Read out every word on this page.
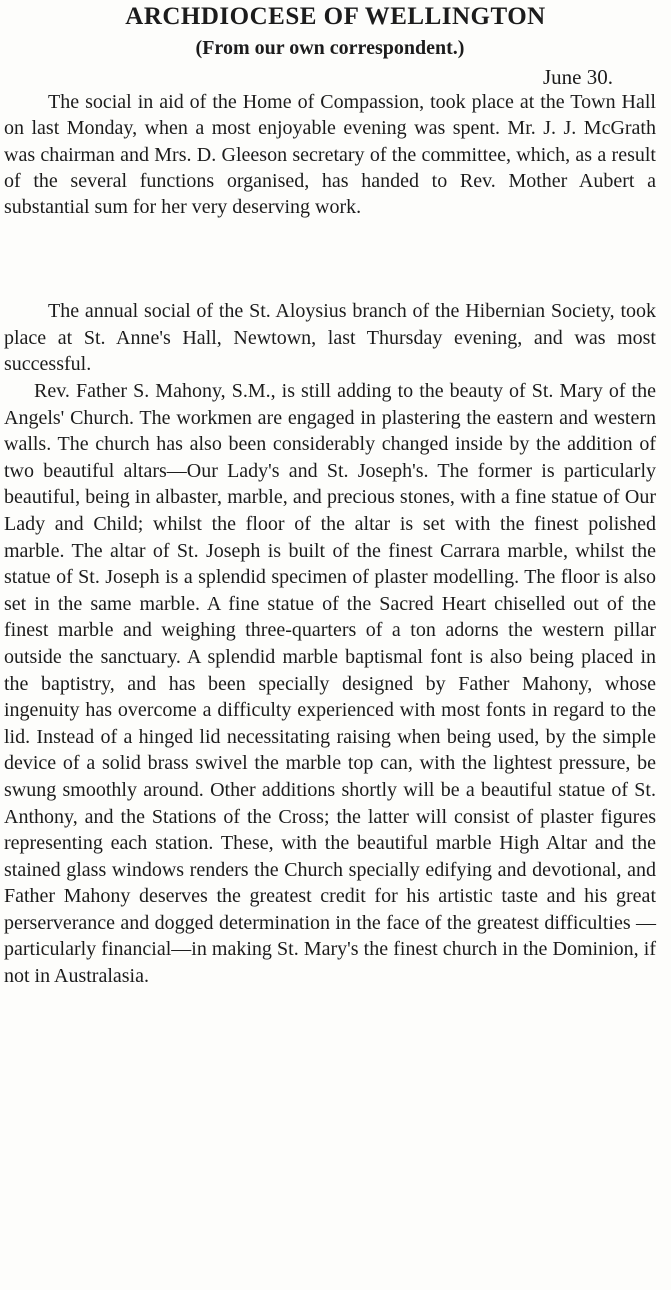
ARCHDIOCESE OF WELLINGTON
(From our own correspondent.)
June 30.

The social in aid of the Home of Compassion, took place at the Town Hall on last Monday, when a most enjoyable evening was spent. Mr. J. J. McGrath was chairman and Mrs. D. Gleeson secretary of the committee, which, as a result of the several functions organised, has handed to Rev. Mother Aubert a substantial sum for her very deserving work.

The annual social of the St. Aloysius branch of the Hibernian Society, took place at St. Anne's Hall, Newtown, last Thursday evening, and was most successful.

Rev. Father S. Mahony, S.M., is still adding to the beauty of St. Mary of the Angels' Church. The workmen are engaged in plastering the eastern and western walls. The church has also been considerably changed inside by the addition of two beautiful altars—Our Lady's and St. Joseph's. The former is particularly beautiful, being in albaster, marble, and precious stones, with a fine statue of Our Lady and Child; whilst the floor of the altar is set with the finest polished marble. The altar of St. Joseph is built of the finest Carrara marble, whilst the statue of St. Joseph is a splendid specimen of plaster modelling. The floor is also set in the same marble. A fine statue of the Sacred Heart chiselled out of the finest marble and weighing three-quarters of a ton adorns the western pillar outside the sanctuary. A splendid marble baptismal font is also being placed in the baptistry, and has been specially designed by Father Mahony, whose ingenuity has overcome a difficulty experienced with most fonts in regard to the lid. Instead of a hinged lid necessitating raising when being used, by the simple device of a solid brass swivel the marble top can, with the lightest pressure, be swung smoothly around. Other additions shortly will be a beautiful statue of St. Anthony, and the Stations of the Cross; the latter will consist of plaster figures representing each station. These, with the beautiful marble High Altar and the stained glass windows renders the Church specially edifying and devotional, and Father Mahony deserves the greatest credit for his artistic taste and his great perserverance and dogged determination in the face of the greatest difficulties —particularly financial—in making St. Mary's the finest church in the Dominion, if not in Australasia.
